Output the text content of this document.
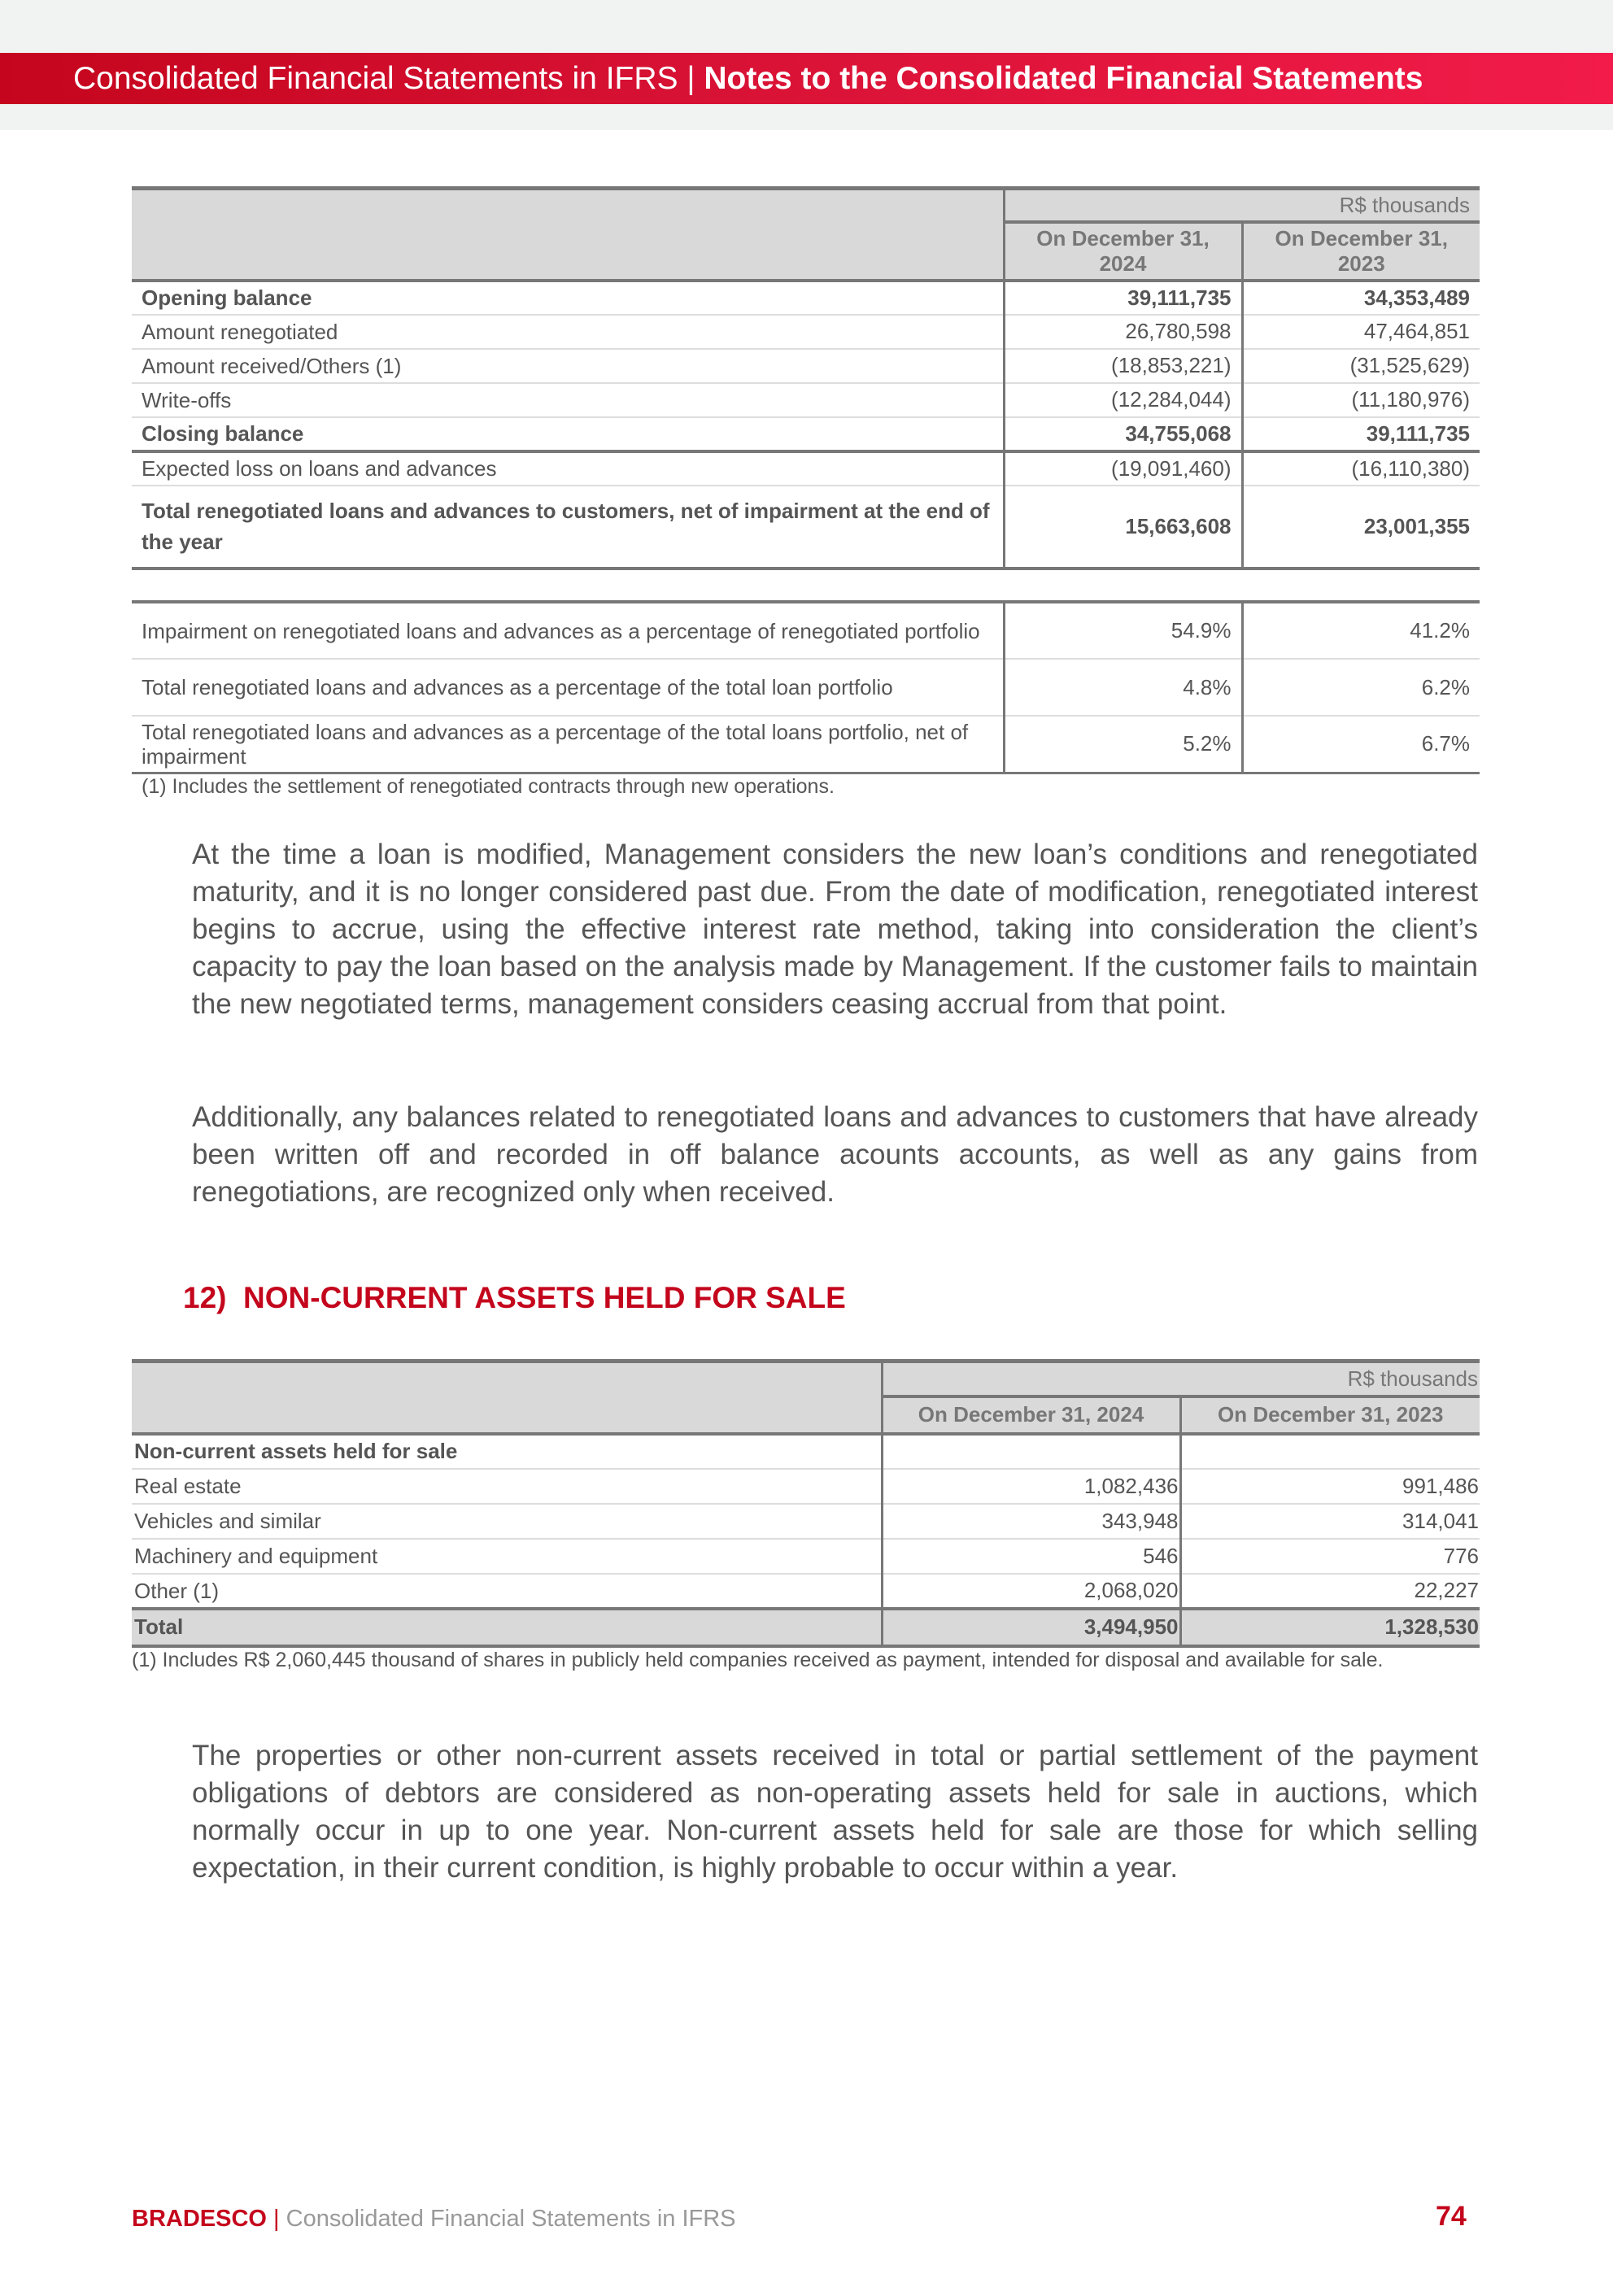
Consolidated Financial Statements in IFRS | Notes to the Consolidated Financial Statements
	R$ thousands	
	On December 31, 2024	On December 31, 2023
Opening balance	39,111,735	34,353,489
Amount renegotiated	26,780,598	47,464,851
Amount received/Others (1)	(18,853,221)	(31,525,629)
Write-offs	(12,284,044)	(11,180,976)
Closing balance	34,755,068	39,111,735
Expected loss on loans and advances	(19,091,460)	(16,110,380)
Total renegotiated loans and advances to customers, net of impairment at the end of the year	15,663,608	23,001,355
Impairment on renegotiated loans and advances as a percentage of renegotiated portfolio	54.9%	41.2%
Total renegotiated loans and advances as a percentage of the total loan portfolio	4.8%	6.2%
Total renegotiated loans and advances as a percentage of the total loans portfolio, net of impairment	5.2%	6.7%
(1) Includes the settlement of renegotiated contracts through new operations.
At the time a loan is modified, Management considers the new loan’s conditions and renegotiated maturity, and it is no longer considered past due. From the date of modification, renegotiated interest begins to accrue, using the effective interest rate method, taking into consideration the client’s capacity to pay the loan based on the analysis made by Management. If the customer fails to maintain the new negotiated terms, management considers ceasing accrual from that point.
Additionally, any balances related to renegotiated loans and advances to customers that have already been written off and recorded in off balance acounts accounts, as well as any gains from renegotiations, are recognized only when received.
12) NON-CURRENT ASSETS HELD FOR SALE
	R$ thousands	
	On December 31, 2024	On December 31, 2023
Non-current assets held for sale		
Real estate	1,082,436	991,486
Vehicles and similar	343,948	314,041
Machinery and equipment	546	776
Other (1)	2,068,020	22,227
Total	3,494,950	1,328,530
(1) Includes R$ 2,060,445 thousand of shares in publicly held companies received as payment, intended for disposal and available for sale.
The properties or other non-current assets received in total or partial settlement of the payment obligations of debtors are considered as non-operating assets held for sale in auctions, which normally occur in up to one year. Non-current assets held for sale are those for which selling expectation, in their current condition, is highly probable to occur within a year.
BRADESCO | Consolidated Financial Statements in IFRS	74
